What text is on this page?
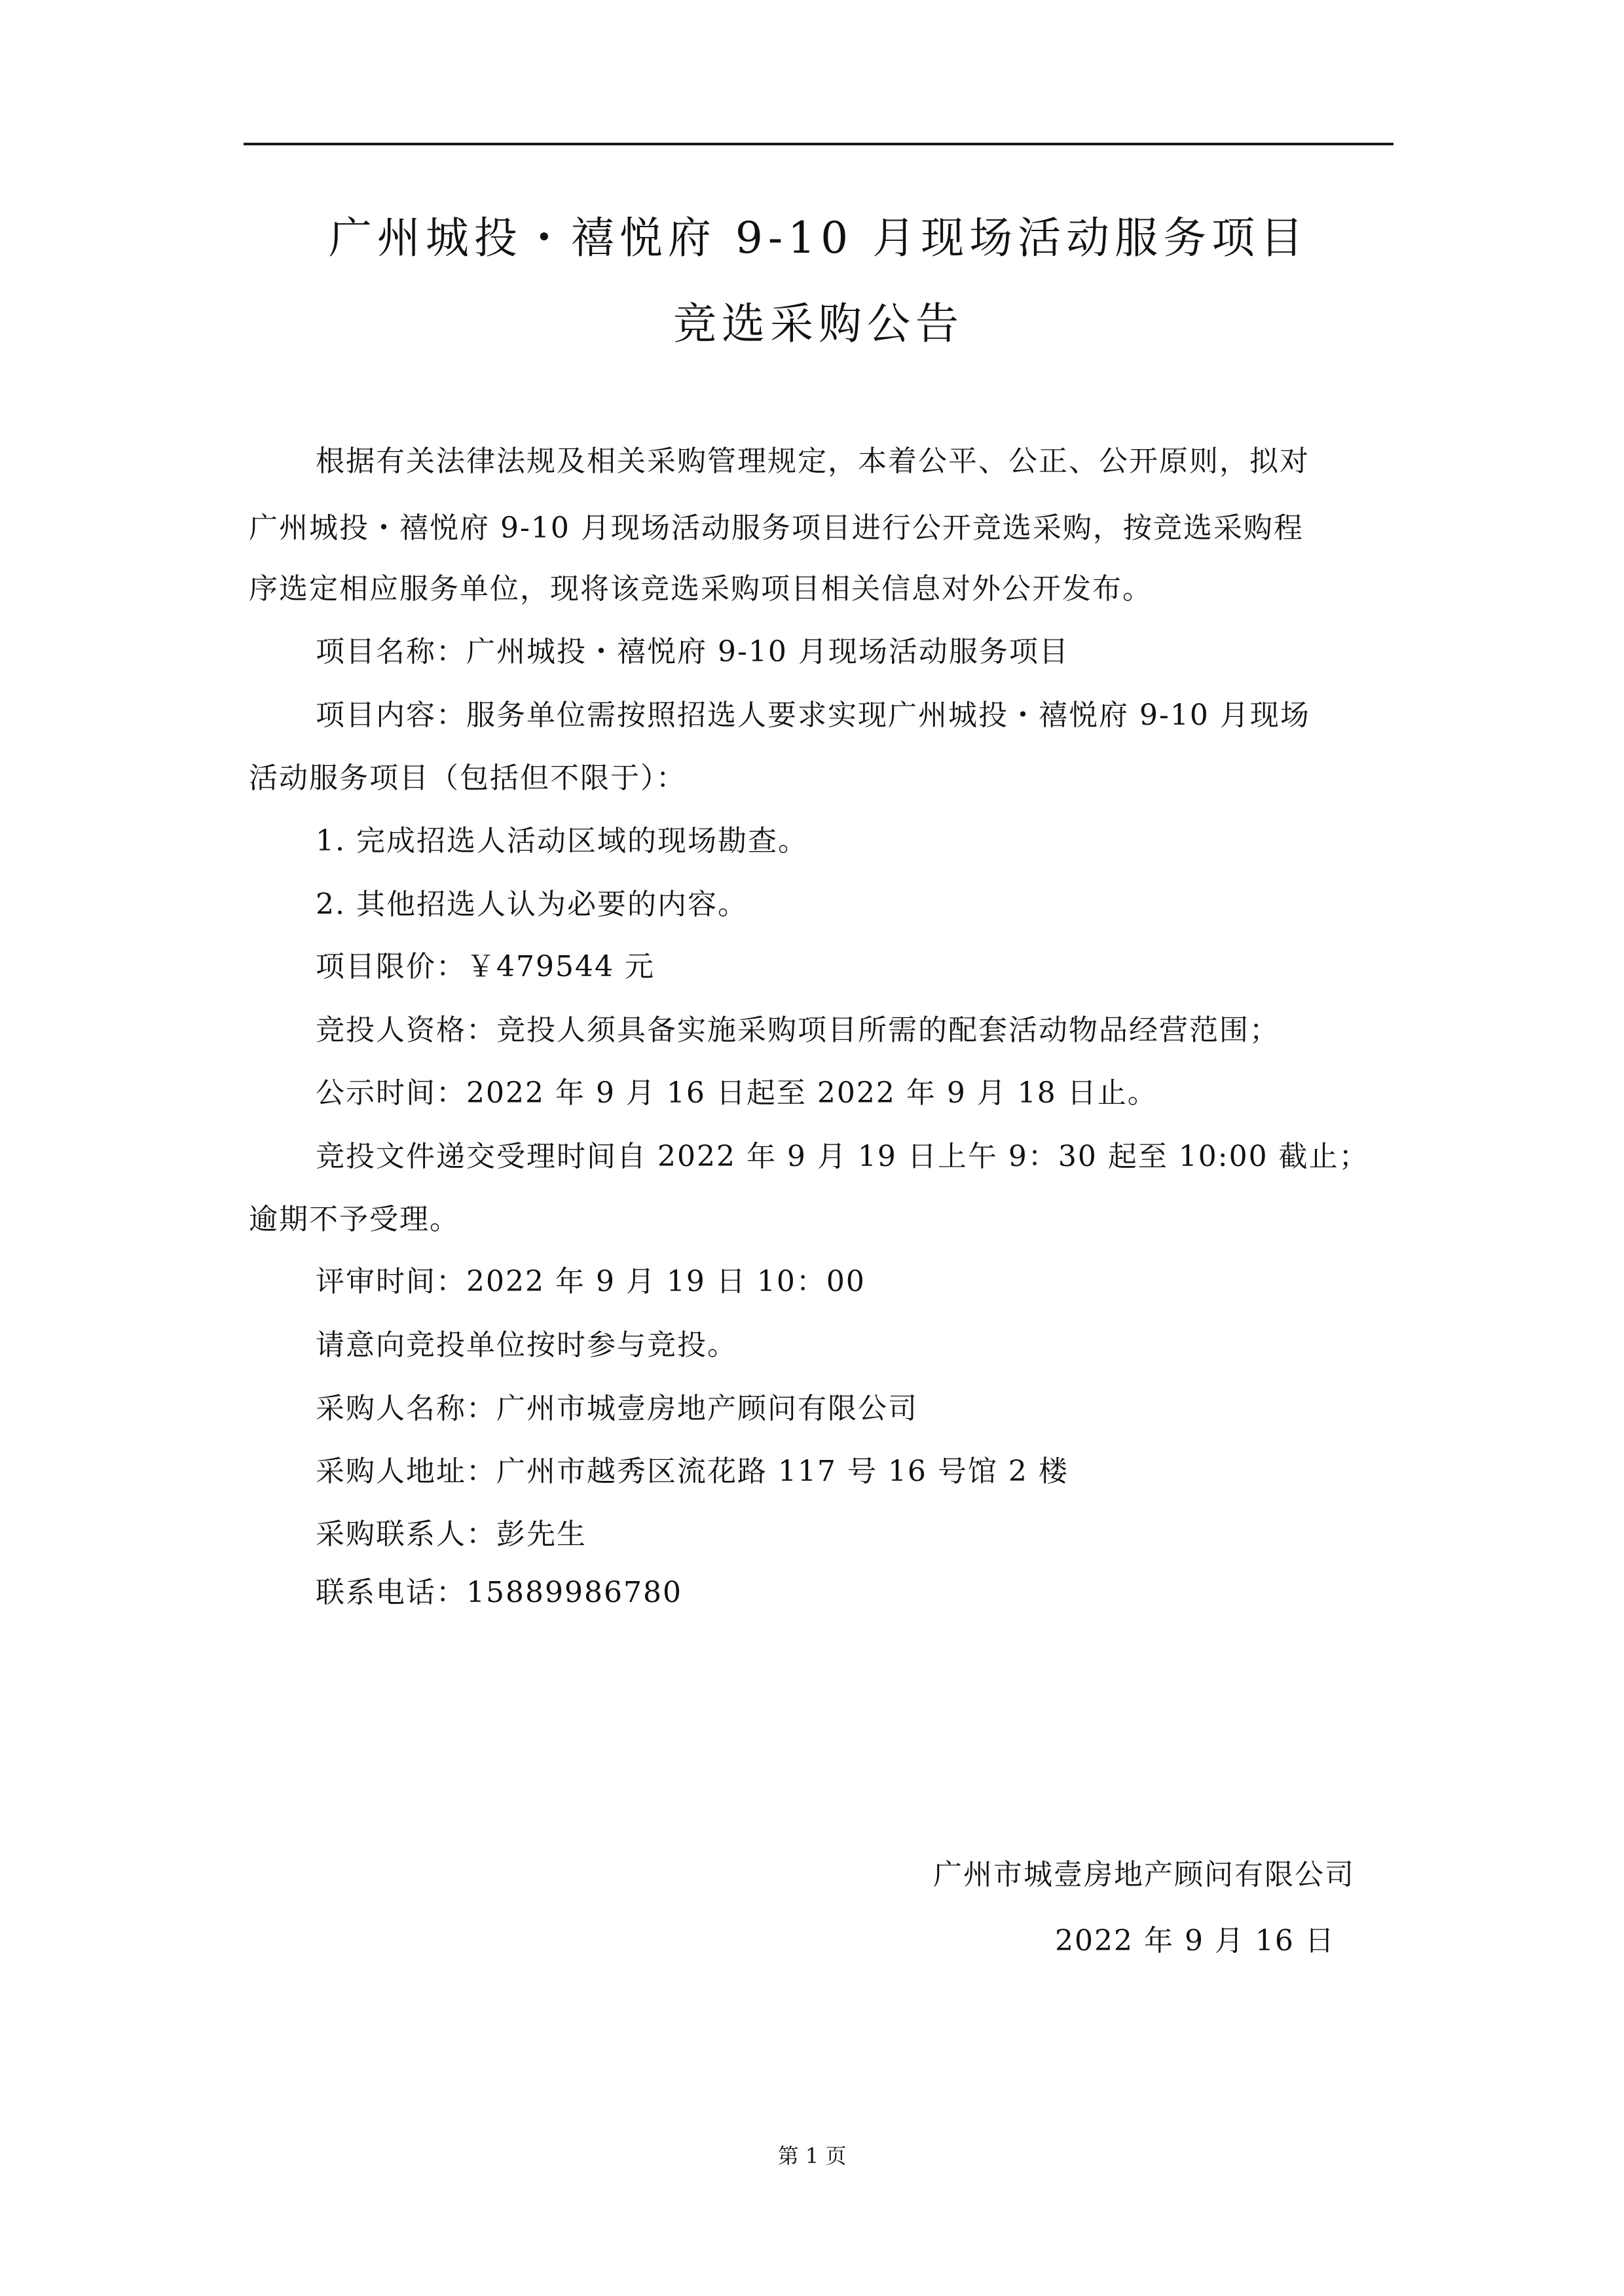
广州城投・禧悦府 9-10 月现场活动服务项目
竞选采购公告
根据有关法律法规及相关采购管理规定，本着公平、公正、公开原则，拟对
广州城投・禧悦府 9-10 月现场活动服务项目进行公开竞选采购，按竞选采购程
序选定相应服务单位，现将该竞选采购项目相关信息对外公开发布。
项目名称：广州城投・禧悦府 9-10 月现场活动服务项目
项目内容：服务单位需按照招选人要求实现广州城投・禧悦府 9-10 月现场
活动服务项目（包括但不限于）：
1. 完成招选人活动区域的现场勘查。
2. 其他招选人认为必要的内容。
项目限价：￥479544 元
竞投人资格：竞投人须具备实施采购项目所需的配套活动物品经营范围；
公示时间：2022 年 9 月 16 日起至 2022 年 9 月 18 日止。
竞投文件递交受理时间自 2022 年 9 月 19 日上午 9：30 起至 10:00 截止；
逾期不予受理。
评审时间：2022 年 9 月 19 日 10：00
请意向竞投单位按时参与竞投。
采购人名称：广州市城壹房地产顾问有限公司
采购人地址：广州市越秀区流花路 117 号 16 号馆 2 楼
采购联系人：彭先生
联系电话：15889986780
广州市城壹房地产顾问有限公司
2022 年 9 月 16 日
第 1 页
